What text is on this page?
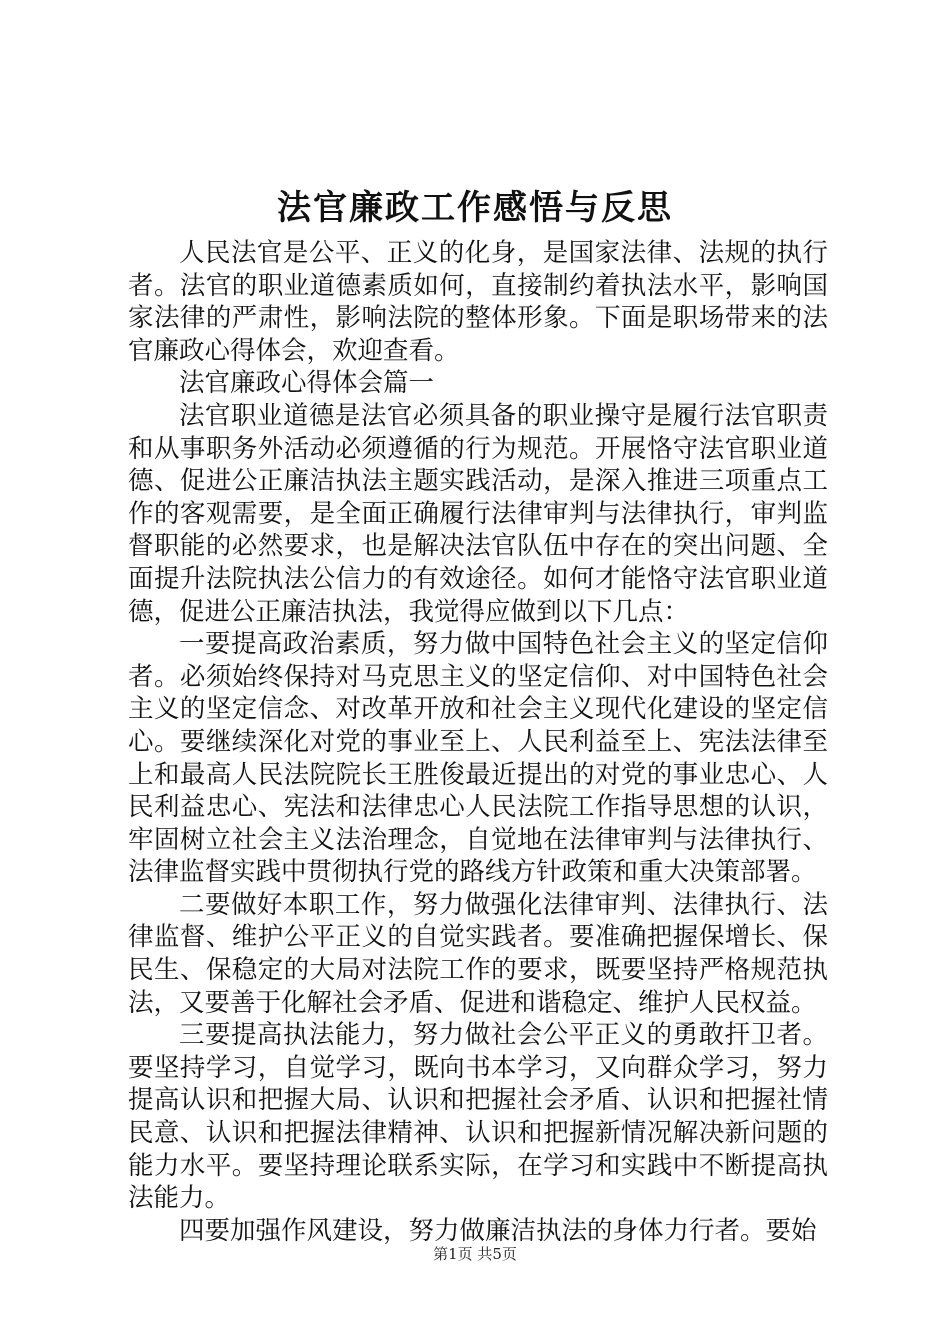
法官廉政工作感悟与反思

人民法官是公平、正义的化身，是国家法律、法规的执行者。法官的职业道德素质如何，直接制约着执法水平，影响国家法律的严肃性，影响法院的整体形象。下面是职场带来的法官廉政心得体会，欢迎查看。

法官廉政心得体会篇一

法官职业道德是法官必须具备的职业操守是履行法官职责和从事职务外活动必须遵循的行为规范。开展恪守法官职业道德、促进公正廉洁执法主题实践活动，是深入推进三项重点工作的客观需要，是全面正确履行法律审判与法律执行，审判监督职能的必然要求，也是解决法官队伍中存在的突出问题、全面提升法院执法公信力的有效途径。如何才能恪守法官职业道德，促进公正廉洁执法，我觉得应做到以下几点：

一要提高政治素质，努力做中国特色社会主义的坚定信仰者。必须始终保持对马克思主义的坚定信仰、对中国特色社会主义的坚定信念、对改革开放和社会主义现代化建设的坚定信心。要继续深化对党的事业至上、人民利益至上、宪法法律至上和最高人民法院院长王胜俊最近提出的对党的事业忠心、人民利益忠心、宪法和法律忠心人民法院工作指导思想的认识，牢固树立社会主义法治理念，自觉地在法律审判与法律执行、法律监督实践中贯彻执行党的路线方针政策和重大决策部署。

二要做好本职工作，努力做强化法律审判、法律执行、法律监督、维护公平正义的自觉实践者。要准确把握保增长、保民生、保稳定的大局对法院工作的要求，既要坚持严格规范执法，又要善于化解社会矛盾、促进和谐稳定、维护人民权益。

三要提高执法能力，努力做社会公平正义的勇敢扞卫者。要坚持学习，自觉学习，既向书本学习，又向群众学习，努力提高认识和把握大局、认识和把握社会矛盾、认识和把握社情民意、认识和把握法律精神、认识和把握新情况解决新问题的能力水平。要坚持理论联系实际，在学习和实践中不断提高执法能力。

四要加强作风建设，努力做廉洁执法的身体力行者。要始

第1页 共5页
